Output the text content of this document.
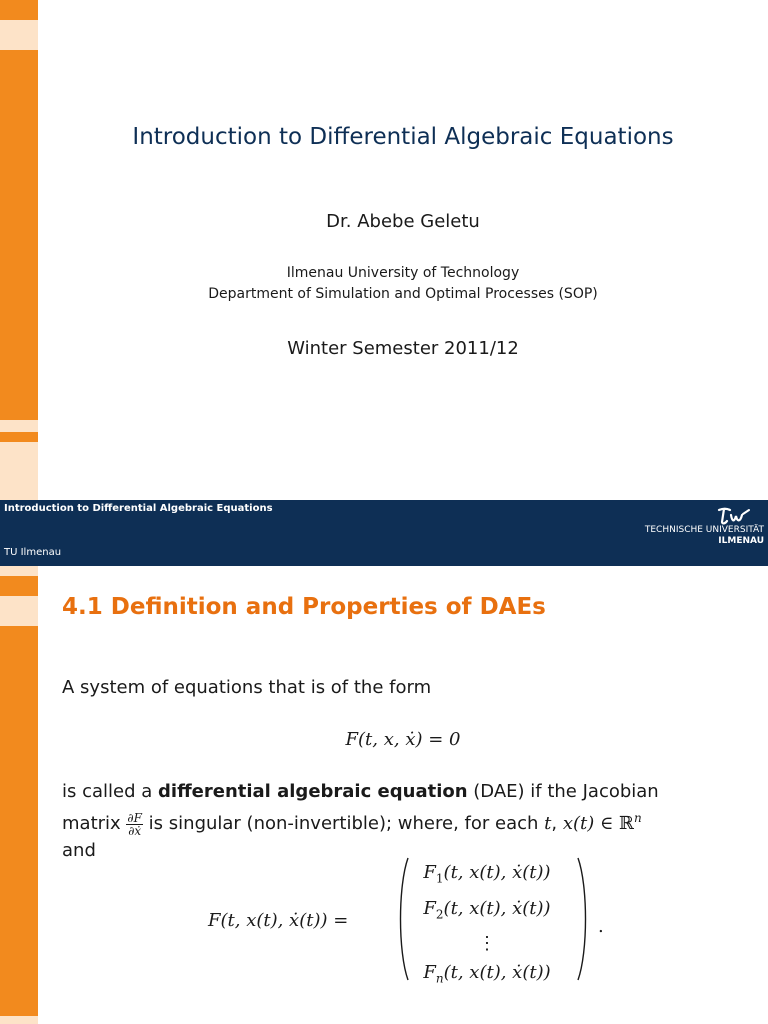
Introduction to Differential Algebraic Equations
Dr. Abebe Geletu
Ilmenau University of Technology
Department of Simulation and Optimal Processes (SOP)
Winter Semester 2011/12
Introduction to Differential Algebraic Equations
TU Ilmenau
TECHNISCHE UNIVERSITÄT
ILMENAU
4.1 Definition and Properties of DAEs
A system of equations that is of the form
F(t, x, ẋ) = 0
is called a differential algebraic equation (DAE) if the Jacobian
matrix $\frac{\partial F}{\text{∂ẋ}}$ is singular (non-invertible); where, for each t, x(t) ∈ ℝ$^n$
and
F(t, x(t), ẋ(t)) =
$F_1(t$, x(t), ẋ(t))
$F_2(t$, x(t), ẋ(t))
⋮
$F_n(t$, x(t), ẋ(t))
.
